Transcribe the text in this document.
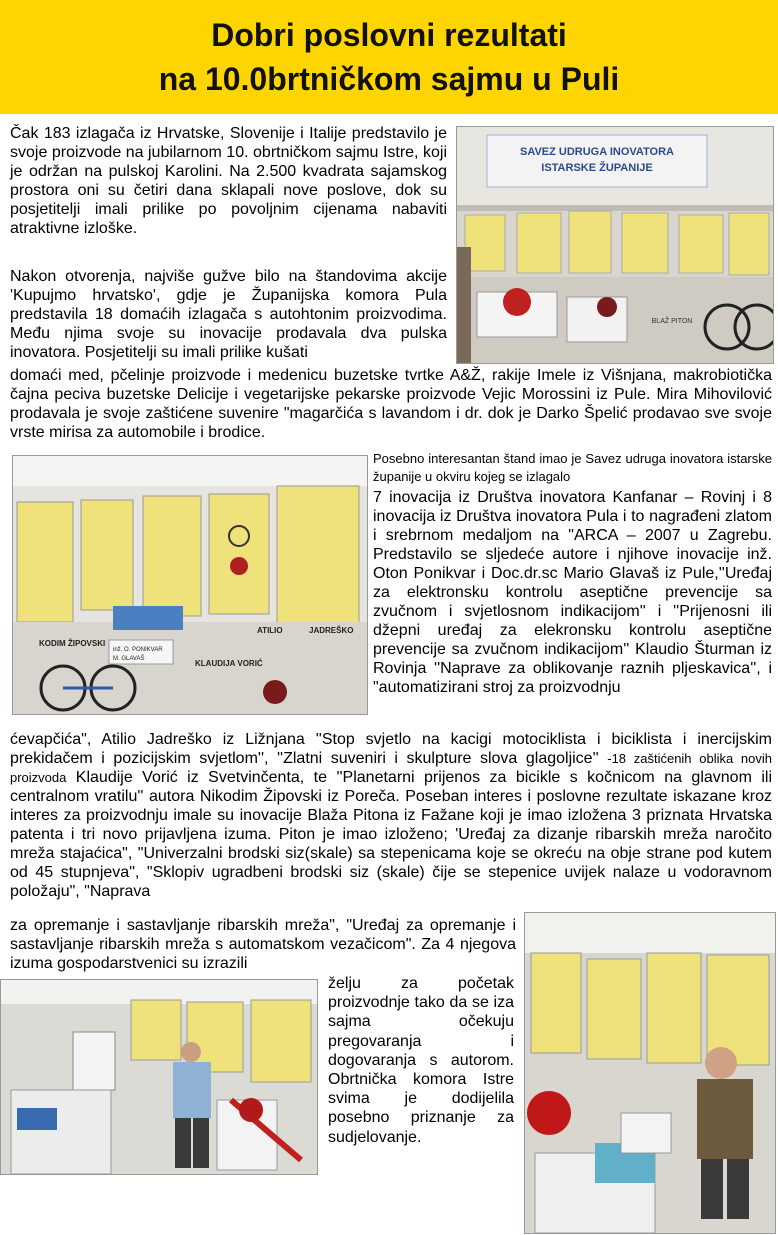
Dobri poslovni rezultati
na 10.0brtničkom sajmu u Puli

Čak 183 izlagača iz Hrvatske, Slovenije i Italije predstavilo je svoje proizvode na jubilarnom 10. obrtničkom sajmu Istre, koji je održan na pulskoj Karolini. Na 2.500 kvadrata sajamskog prostora oni su četiri dana sklapali nove poslove, dok su posjetitelji imali prilike po povoljnim cijenama nabaviti atraktivne izloške.

Nakon otvorenja, najviše gužve bilo na štandovima akcije 'Kupujmo hrvatsko', gdje je Županijska komora Pula predstavila 18 domaćih izlagača s autohtonim proizvodima. Među njima svoje su inovacije prodavala dva pulska inovatora. Posjetitelji su imali prilike kušati

SAVEZ UDRUGA INOVATORA
ISTARSKE ŽUPANIJE
BLAŽ PITON

domaći med, pčelinje proizvode i medenicu buzetske tvrtke A&Ž, rakije Imele iz Višnjana, makrobiotička čajna peciva buzetske Delicije i vegetarijske pekarske proizvode Vejic Morossini iz Pule. Mira Mihovilović prodavala je svoje zaštićene suvenire "magarčića s lavandom i dr. dok je Darko Špelić prodavao sve svoje vrste mirisa za automobile i brodice.

KODIM ŽIPOVSKI
ATILIO	JADREŠKO
inž. O. PONIKVAR
M. GLAVAŠ	KLAUDIJA VORIĆ

Posebno interesantan štand imao je Savez udruga inovatora istarske županije u okviru kojeg se izlagalo

7 inovacija iz Društva inovatora Kanfanar – Rovinj i 8 inovacija iz Društva inovatora Pula i to nagrađeni zlatom i srebrnom medaljom na "ARCA – 2007 u Zagrebu. Predstavilo se sljedeće autore i njihove inovacije inž. Oton Ponikvar i Doc.dr.sc Mario Glavaš iz Pule,''Uređaj za elektronsku kontrolu aseptične prevencije sa zvučnom i svjetlosnom indikacijom'' i ''Prijenosni ili džepni uređaj za elekronsku kontrolu aseptične prevencije sa zvučnom indikacijom'' Klaudio Šturman iz Rovinja ''Naprave za oblikovanje raznih pljeskavica'', i "automatizirani stroj za proizvodnju

ćevapčića", Atilio Jadreško iz Ližnjana ''Stop svjetlo na kacigi motociklista i biciklista i inercijskim prekidačem i pozicijskim svjetlom'', ''Zlatni suveniri i skulpture slova glagoljice'' -18 zaštićenih oblika novih proizvoda Klaudije Vorić iz Svetvinčenta, te ''Planetarni prijenos za bicikle s kočnicom na glavnom ili centralnom vratilu'' autora Nikodim Žipovski iz Poreča. Poseban interes i poslovne rezultate iskazane kroz interes za proizvodnju imale su inovacije Blaža Pitona iz Fažane koji je imao izložena 3 priznata Hrvatska patenta i tri novo prijavljena izuma. Piton je imao izloženo; 'Uređaj za dizanje ribarskih mreža naročito mreža stajaćica", "Univerzalni brodski siz(skale) sa stepenicama koje se okreću na obje strane pod kutem od 45 stupnjeva", "Sklopiv ugradbeni brodski siz (skale) čije se stepenice uvijek nalaze u vodoravnom položaju", "Naprava

za opremanje i sastavljanje ribarskih mreža", "Uređaj za opremanje i sastavljanje ribarskih mreža s automatskom vezačicom". Za 4 njegova izuma gospodarstvenici su izrazili

želju za početak proizvodnje tako da se iza sajma očekuju pregovaranja i dogovaranja s autorom. Obrtnička komora Istre svima je dodijelila posebno priznanje za sudjelovanje.
